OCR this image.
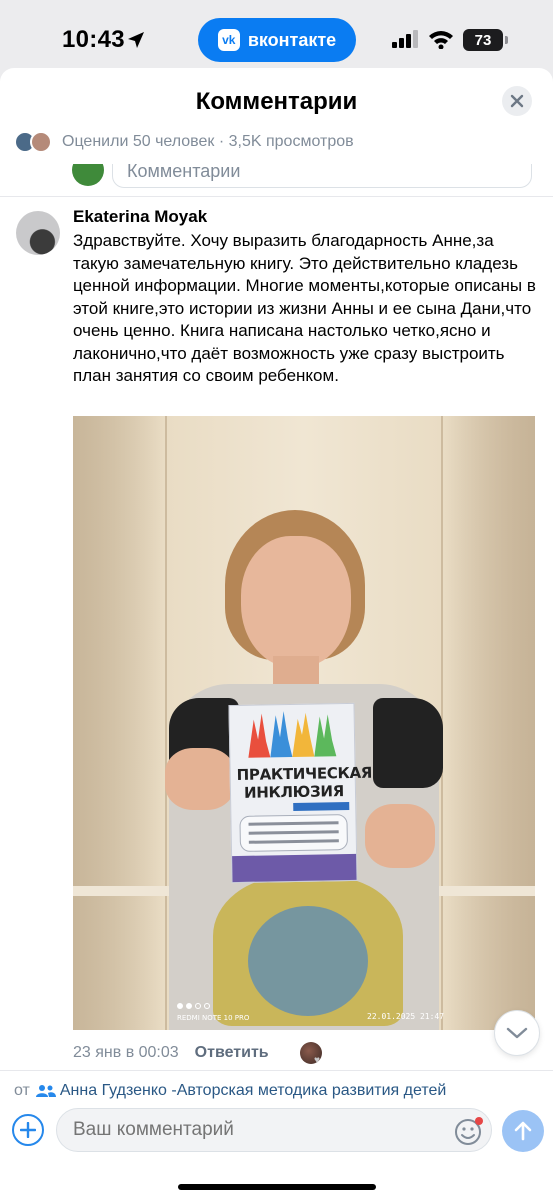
10:43	vk вконтакте	73
Комментарии
Оценили 50 человек · 3,5K просмотров
Комментарии
Ekaterina Moyak
Здравствуйте. Хочу выразить благодарность Анне,за такую замечательную книгу. Это действительно кладезь ценной информации. Многие моменты,которые описаны в этой книге,это истории из жизни Анны и ее сына Дани,что очень ценно. Книга написана настолько четко,ясно и лаконично,что даёт возможность уже сразу выстроить план занятия со своим ребенком.
ПРАКТИЧЕСКАЯ ИНКЛЮЗИЯ
REDMI NOTE 10 PRO	22.01.2025 21:47
23 янв в 00:03 Ответить	♥
от Анна Гудзенко -Авторская методика развития детей
Ваш комментарий
